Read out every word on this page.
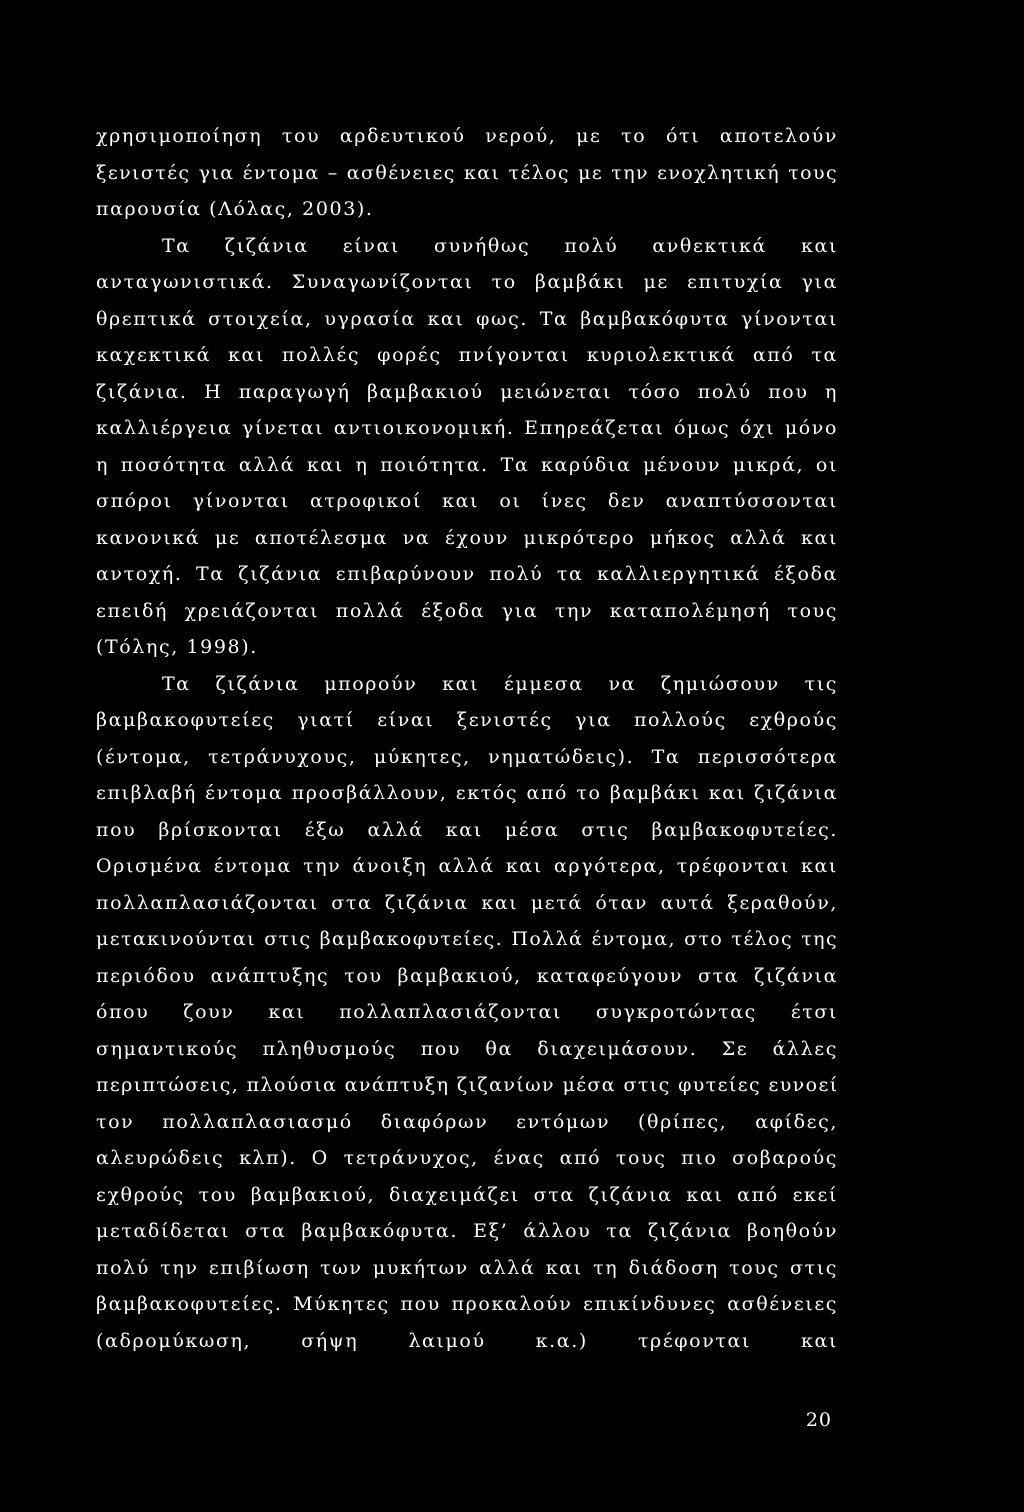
χρησιμοποίηση του αρδευτικού νερού, με το ότι αποτελούν
ξενιστές για έντομα – ασθένειες και τέλος με την ενοχλητική τους
παρουσία (Λόλας, 2003).
Τα ζιζάνια είναι συνήθως πολύ ανθεκτικά και
ανταγωνιστικά. Συναγωνίζονται το βαμβάκι με επιτυχία για
θρεπτικά στοιχεία, υγρασία και φως. Τα βαμβακόφυτα γίνονται
καχεκτικά και πολλές φορές πνίγονται κυριολεκτικά από τα
ζιζάνια. Η παραγωγή βαμβακιού μειώνεται τόσο πολύ που η
καλλιέργεια γίνεται αντιοικονομική. Επηρεάζεται όμως όχι μόνο
η ποσότητα αλλά και η ποιότητα. Τα καρύδια μένουν μικρά, οι
σπόροι γίνονται ατροφικοί και οι ίνες δεν αναπτύσσονται
κανονικά με αποτέλεσμα να έχουν μικρότερο μήκος αλλά και
αντοχή. Τα ζιζάνια επιβαρύνουν πολύ τα καλλιεργητικά έξοδα
επειδή χρειάζονται πολλά έξοδα για την καταπολέμησή τους
(Τόλης, 1998).
Τα ζιζάνια μπορούν και έμμεσα να ζημιώσουν τις
βαμβακοφυτείες γιατί είναι ξενιστές για πολλούς εχθρούς
(έντομα, τετράνυχους, μύκητες, νηματώδεις). Τα περισσότερα
επιβλαβή έντομα προσβάλλουν, εκτός από το βαμβάκι και ζιζάνια
που βρίσκονται έξω αλλά και μέσα στις βαμβακοφυτείες.
Ορισμένα έντομα την άνοιξη αλλά και αργότερα, τρέφονται και
πολλαπλασιάζονται στα ζιζάνια και μετά όταν αυτά ξεραθούν,
μετακινούνται στις βαμβακοφυτείες. Πολλά έντομα, στο τέλος της
περιόδου ανάπτυξης του βαμβακιού, καταφεύγουν στα ζιζάνια
όπου ζουν και πολλαπλασιάζονται συγκροτώντας έτσι
σημαντικούς πληθυσμούς που θα διαχειμάσουν. Σε άλλες
περιπτώσεις, πλούσια ανάπτυξη ζιζανίων μέσα στις φυτείες ευνοεί
τον πολλαπλασιασμό διαφόρων εντόμων (θρίπες, αφίδες,
αλευρώδεις κλπ). Ο τετράνυχος, ένας από τους πιο σοβαρούς
εχθρούς του βαμβακιού, διαχειμάζει στα ζιζάνια και από εκεί
μεταδίδεται στα βαμβακόφυτα. Εξ’ άλλου τα ζιζάνια βοηθούν
πολύ την επιβίωση των μυκήτων αλλά και τη διάδοση τους στις
βαμβακοφυτείες. Μύκητες που προκαλούν επικίνδυνες ασθένειες
(αδρομύκωση, σήψη λαιμού κ.α.) τρέφονται και
20
